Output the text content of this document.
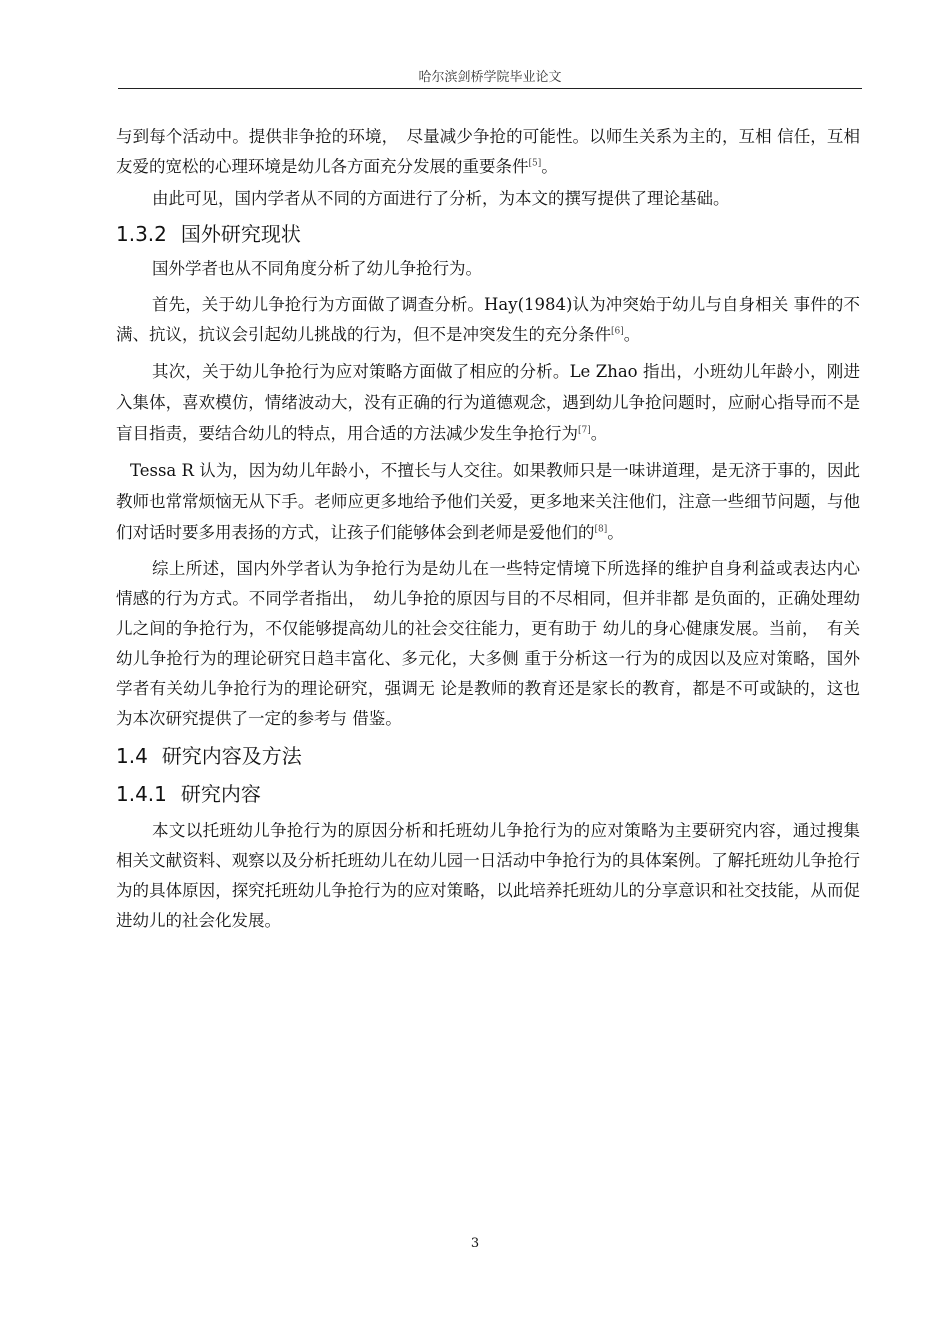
哈尔滨剑桥学院毕业论文

与到每个活动中。提供非争抢的环境，　尽量减少争抢的可能性。以师生关系为主的，互相 信任，互相友爱的宽松的心理环境是幼儿各方面充分发展的重要条件[5]。

由此可见，国内学者从不同的方面进行了分析，为本文的撰写提供了理论基础。

1.3.2 国外研究现状

国外学者也从不同角度分析了幼儿争抢行为。

首先，关于幼儿争抢行为方面做了调查分析。Hay(1984)认为冲突始于幼儿与自身相关 事件的不满、抗议，抗议会引起幼儿挑战的行为，但不是冲突发生的充分条件[6]。

其次，关于幼儿争抢行为应对策略方面做了相应的分析。Le Zhao 指出，小班幼儿年龄小，刚进入集体，喜欢模仿，情绪波动大，没有正确的行为道德观念，遇到幼儿争抢问题时，应耐心指导而不是盲目指责，要结合幼儿的特点，用合适的方法减少发生争抢行为[7]。

Tessa R 认为，因为幼儿年龄小，不擅长与人交往。如果教师只是一味讲道理，是无济于事的，因此教师也常常烦恼无从下手。老师应更多地给予他们关爱，更多地来关注他们，注意一些细节问题，与他们对话时要多用表扬的方式，让孩子们能够体会到老师是爱他们的[8]。

综上所述，国内外学者认为争抢行为是幼儿在一些特定情境下所选择的维护自身利益或表达内心情感的行为方式。不同学者指出，　幼儿争抢的原因与目的不尽相同，但并非都 是负面的，正确处理幼儿之间的争抢行为，不仅能够提高幼儿的社会交往能力，更有助于 幼儿的身心健康发展。当前，　有关幼儿争抢行为的理论研究日趋丰富化、多元化，大多侧 重于分析这一行为的成因以及应对策略，国外学者有关幼儿争抢行为的理论研究，强调无 论是教师的教育还是家长的教育，都是不可或缺的，这也为本次研究提供了一定的参考与 借鉴。

1.4 研究内容及方法
1.4.1 研究内容

本文以托班幼儿争抢行为的原因分析和托班幼儿争抢行为的应对策略为主要研究内容，通过搜集相关文献资料、观察以及分析托班幼儿在幼儿园一日活动中争抢行为的具体案例。了解托班幼儿争抢行为的具体原因，探究托班幼儿争抢行为的应对策略，以此培养托班幼儿的分享意识和社交技能，从而促进幼儿的社会化发展。

3
